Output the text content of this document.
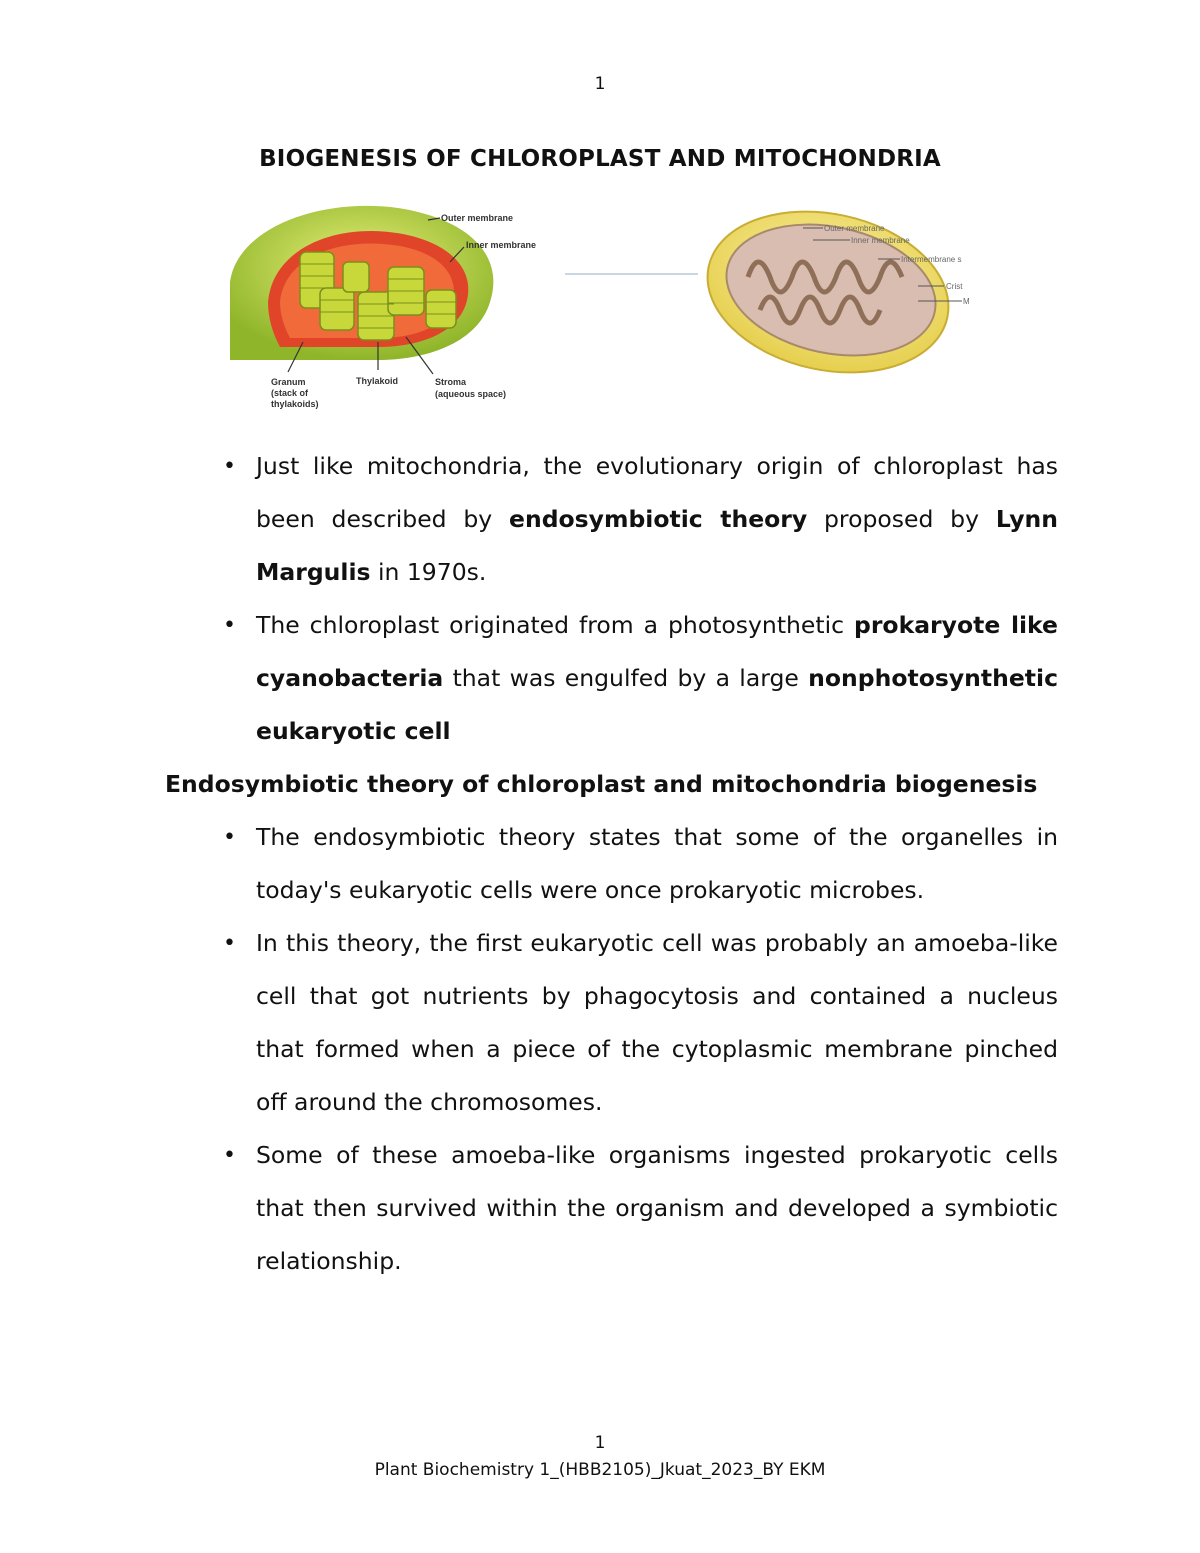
1
BIOGENESIS OF CHLOROPLAST AND MITOCHONDRIA
Outer membrane
Inner membrane
Granum
(stack of
thylakoids)
Thylakoid	Stroma
(aqueous space)
Outer membrane
Inner membrane
Intermembrane s
Crist
M
• Just like mitochondria, the evolutionary origin of chloroplast has been described by endosymbiotic theory proposed by Lynn Margulis in 1970s.
• The chloroplast originated from a photosynthetic prokaryote like cyanobacteria that was engulfed by a large nonphotosynthetic eukaryotic cell
Endosymbiotic theory of chloroplast and mitochondria biogenesis
• The endosymbiotic theory states that some of the organelles in today's eukaryotic cells were once prokaryotic microbes.
• In this theory, the first eukaryotic cell was probably an amoeba-like cell that got nutrients by phagocytosis and contained a nucleus that formed when a piece of the cytoplasmic membrane pinched off around the chromosomes.
• Some of these amoeba-like organisms ingested prokaryotic cells that then survived within the organism and developed a symbiotic relationship.
1
Plant Biochemistry 1_(HBB2105)_Jkuat_2023_BY EKM
